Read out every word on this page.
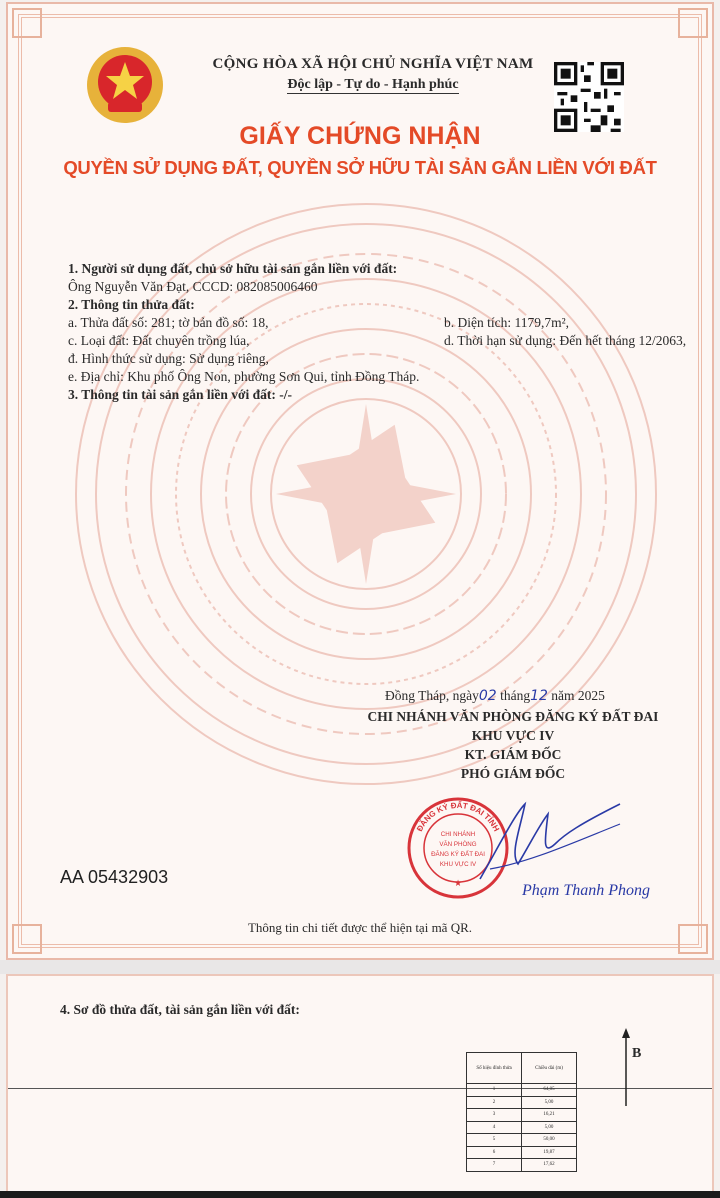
CỘNG HÒA XÃ HỘI CHỦ NGHĨA VIỆT NAM
Độc lập - Tự do - Hạnh phúc
GIẤY CHỨNG NHẬN
QUYỀN SỬ DỤNG ĐẤT, QUYỀN SỞ HỮU TÀI SẢN GẮN LIỀN VỚI ĐẤT
1. Người sử dụng đất, chủ sở hữu tài sản gắn liền với đất:
Ông Nguyễn Văn Đạt, CCCD: 082085006460
2. Thông tin thửa đất:
a. Thửa đất số: 281; tờ bản đồ số: 18,	b. Diện tích: 1179,7m²,
c. Loại đất: Đất chuyên trồng lúa,	d. Thời hạn sử dụng: Đến hết tháng 12/2063,
đ. Hình thức sử dụng: Sử dụng riêng,
e. Địa chỉ: Khu phố Ông Non, phường Sơn Qui, tỉnh Đồng Tháp.
3. Thông tin tài sản gắn liền với đất: -/-
Đồng Tháp, ngày02 tháng12 năm 2025
CHI NHÁNH VĂN PHÒNG ĐĂNG KÝ ĐẤT ĐAI
KHU VỰC IV
KT. GIÁM ĐỐC
PHÓ GIÁM ĐỐC
ĐĂNG KÝ ĐẤT ĐAI TỈNH
CHI NHÁNH
VĂN PHÒNG
ĐĂNG KÝ ĐẤT ĐAI
KHU VỰC IV
★	Phạm Thanh Phong
AA 05432903
Thông tin chi tiết được thể hiện tại mã QR.
4. Sơ đồ thửa đất, tài sản gắn liền với đất:
Số hiệu đỉnh thửa	Chiều dài (m)
1	64,05
2	5,00
3	16,21
4	5,00
5	50,00
6	19,87
7	17,62
B
